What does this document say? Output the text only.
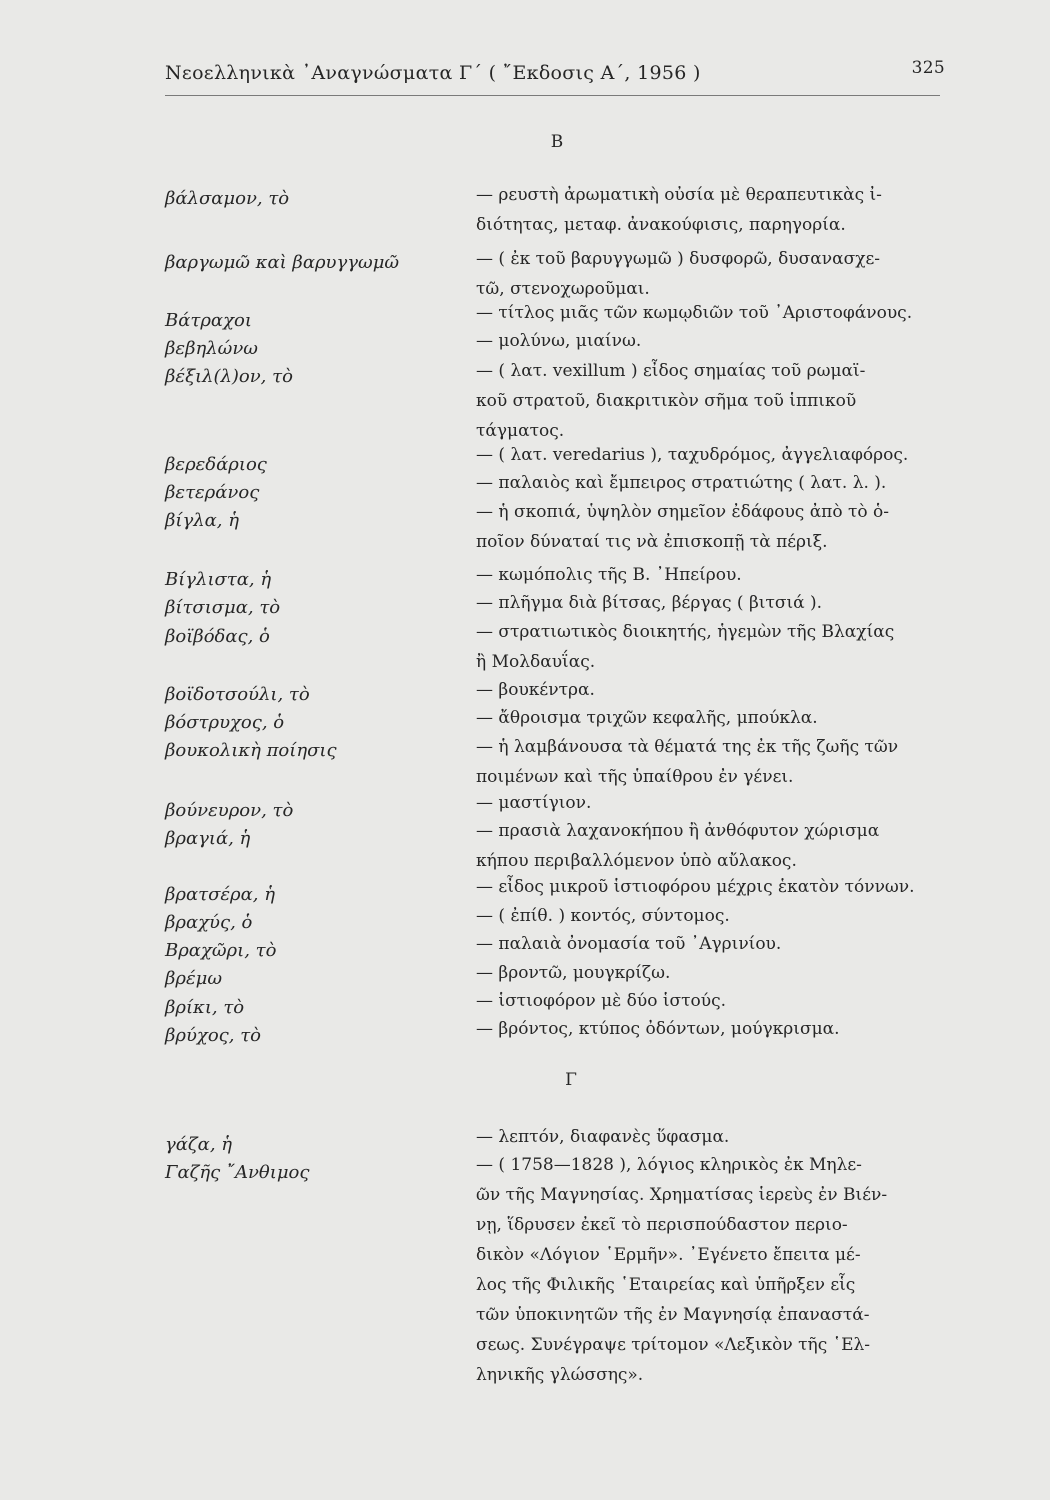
Νεοελληνικὰ ᾿Αναγνώσματα Γ΄ ( ῎Εκδοσις Α΄, 1956 )	325
Β
βάλσαμον, τὸ	— ρευστὴ ἀρωματικὴ οὐσία μὲ θεραπευτικὰς ἰ-
διότητας, μεταφ. ἀνακούφισις, παρηγορία.
βαργωμῶ καὶ βαρυγγωμῶ	— ( ἐκ τοῦ βαρυγγωμῶ ) δυσφορῶ, δυσανασχε-
τῶ, στενοχωροῦμαι.
Βάτραχοι	— τίτλος μιᾶς τῶν κωμῳδιῶν τοῦ ᾿Αριστοφάνους.
βεβηλώνω	— μολύνω, μιαίνω.
βέξιλ(λ)ον, τὸ	— ( λατ. vexillum ) εἶδος σημαίας τοῦ ρωμαϊ-
κοῦ στρατοῦ, διακριτικὸν σῆμα τοῦ ἱππικοῦ
τάγματος.
βερεδάριος	— ( λατ. veredarius ), ταχυδρόμος, ἀγγελιαφόρος.
βετεράνος	— παλαιὸς καὶ ἔμπειρος στρατιώτης ( λατ. λ. ).
βίγλα, ἡ	— ἡ σκοπιά, ὑψηλὸν σημεῖον ἐδάφους ἀπὸ τὸ ὁ-
ποῖον δύναταί τις νὰ ἐπισκοπῇ τὰ πέριξ.
Βίγλιστα, ἡ	— κωμόπολις τῆς Β. ᾿Ηπείρου.
βίτσισμα, τὸ	— πλῆγμα διὰ βίτσας, βέργας ( βιτσιά ).
βοϊβόδας, ὁ	— στρατιωτικὸς διοικητής, ἡγεμὼν τῆς Βλαχίας
ἢ Μολδαυΐας.
βοϊδοτσούλι, τὸ	— βουκέντρα.
βόστρυχος, ὁ	— ἄθροισμα τριχῶν κεφαλῆς, μπούκλα.
βουκολικὴ ποίησις	— ἡ λαμβάνουσα τὰ θέματά της ἐκ τῆς ζωῆς τῶν
ποιμένων καὶ τῆς ὑπαίθρου ἐν γένει.
βούνευρον, τὸ	— μαστίγιον.
βραγιά, ἡ	— πρασιὰ λαχανοκήπου ἢ ἀνθόφυτον χώρισμα
κήπου περιβαλλόμενον ὑπὸ αὔλακος.
βρατσέρα, ἡ	— εἶδος μικροῦ ἱστιοφόρου μέχρις ἑκατὸν τόννων.
βραχύς, ὁ	— ( ἐπίθ. ) κοντός, σύντομος.
Βραχῶρι, τὸ	— παλαιὰ ὀνομασία τοῦ ᾿Αγρινίου.
βρέμω	— βροντῶ, μουγκρίζω.
βρίκι, τὸ	— ἱστιοφόρον μὲ δύο ἱστούς.
βρύχος, τὸ	— βρόντος, κτύπος ὀδόντων, μούγκρισμα.
Γ
γάζα, ἡ	— λεπτόν, διαφανὲς ὕφασμα.
Γαζῆς ῎Ανθιμος	— ( 1758—1828 ), λόγιος κληρικὸς ἐκ Μηλε-
ῶν τῆς Μαγνησίας. Χρηματίσας ἱερεὺς ἐν Βιέν-
νῃ, ἵδρυσεν ἐκεῖ τὸ περισπούδαστον περιο-
δικὸν «Λόγιον ῾Ερμῆν». ᾿Εγένετο ἔπειτα μέ-
λος τῆς Φιλικῆς ῾Εταιρείας καὶ ὑπῆρξεν εἷς
τῶν ὑποκινητῶν τῆς ἐν Μαγνησίᾳ ἐπαναστά-
σεως. Συνέγραψε τρίτομον «Λεξικὸν τῆς ῾Ελ-
ληνικῆς γλώσσης».
